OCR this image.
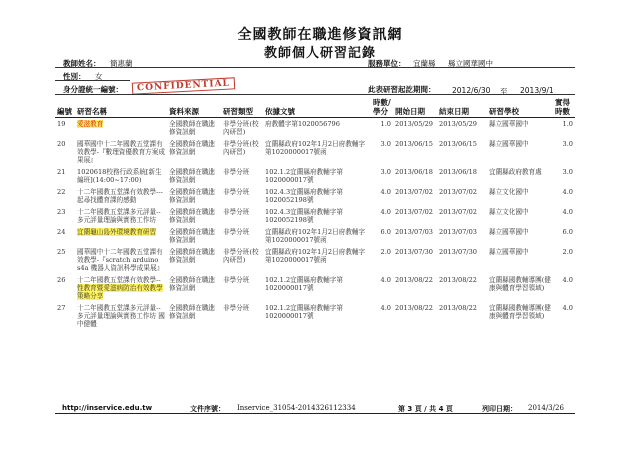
全國教師在職進修資訊網
教師個人研習記錄
教師姓名： 簡惠蘭	服務單位： 宜蘭縣 縣立國華國中
性別： 女
身分證統一編號：	CONFIDENTIAL	此表研習起訖期間： 2012/6/30 至 2013/9/1
編號	研習名稱	資料來源	研習類型	依據文號	時數/學分	開始日期	結束日期	研習學校	實得時數
19	愛滋教育	全國教師在職進修資訊網	非學分班(校內研習)	府教體字第1020056796	1.0	2013/05/29	2013/05/29	縣立國華國中	1.0
20	國華國中十二年國教五堂課有效教學-『數理資優教育方案成果展』	全國教師在職進修資訊網	非學分班(校內研習)	宜蘭縣政府102年1月2日府教輔字第1020000017號函	3.0	2013/06/15	2013/06/15	縣立國華國中	3.0
21	1020618校務行政系統[新生編班](14:00~17:00)	全國教師在職進修資訊網	非學分班	102.1.2宜蘭縣府教輔字第1020000017號	3.0	2013/06/18	2013/06/18	宜蘭縣政府教育處	3.0
22	十二年國教五堂課有效教學---起尋找體育課的感動	全國教師在職進修資訊網	非學分班	102.4.3宜蘭縣府教輔字第1020052198號	4.0	2013/07/02	2013/07/02	縣立文化國中	4.0
23	十二年國教五堂課多元評量--多元評量理論與實務工作坊	全國教師在職進修資訊網	非學分班	102.4.3宜蘭縣府教輔字第1020052198號	4.0	2013/07/02	2013/07/02	縣立文化國中	4.0
24	宜蘭龜山島外環境教育研習	全國教師在職進修資訊網	非學分班	宜蘭縣政府102年1月2日府教輔字第1020000017號函	6.0	2013/07/03	2013/07/03	縣立國華國中	6.0
25	國華國中十二年國教五堂課有效教學-『scratch arduino s4a 機器人資訊科學成果展』	全國教師在職進修資訊網	非學分班(校內研習)	宜蘭縣政府102年1月2日府教輔字第1020000017號函	2.0	2013/07/30	2013/07/30	縣立國華國中	2.0
26	十二年國教五堂課有效教學--性教育暨愛滋病防治有效教學策略分享	全國教師在職進修資訊網	非學分班	102.1.2宜蘭縣府教輔字第1020000017號	4.0	2013/08/22	2013/08/22	宜蘭縣國教輔導團(健康與體育學習領域)	4.0
27	十二年國教五堂課多元評量--多元評量理論與實務工作坊 國中健體	全國教師在職進修資訊網	非學分班	102.1.2宜蘭縣府教輔字第1020000017號	4.0	2013/08/22	2013/08/22	宜蘭縣國教輔導團(健康與體育學習領域)	4.0
http://inservice.edu.tw	文件序號： Inservice_31054-2014326112334	第 3 頁 / 共 4 頁	列印日期： 2014/3/26
